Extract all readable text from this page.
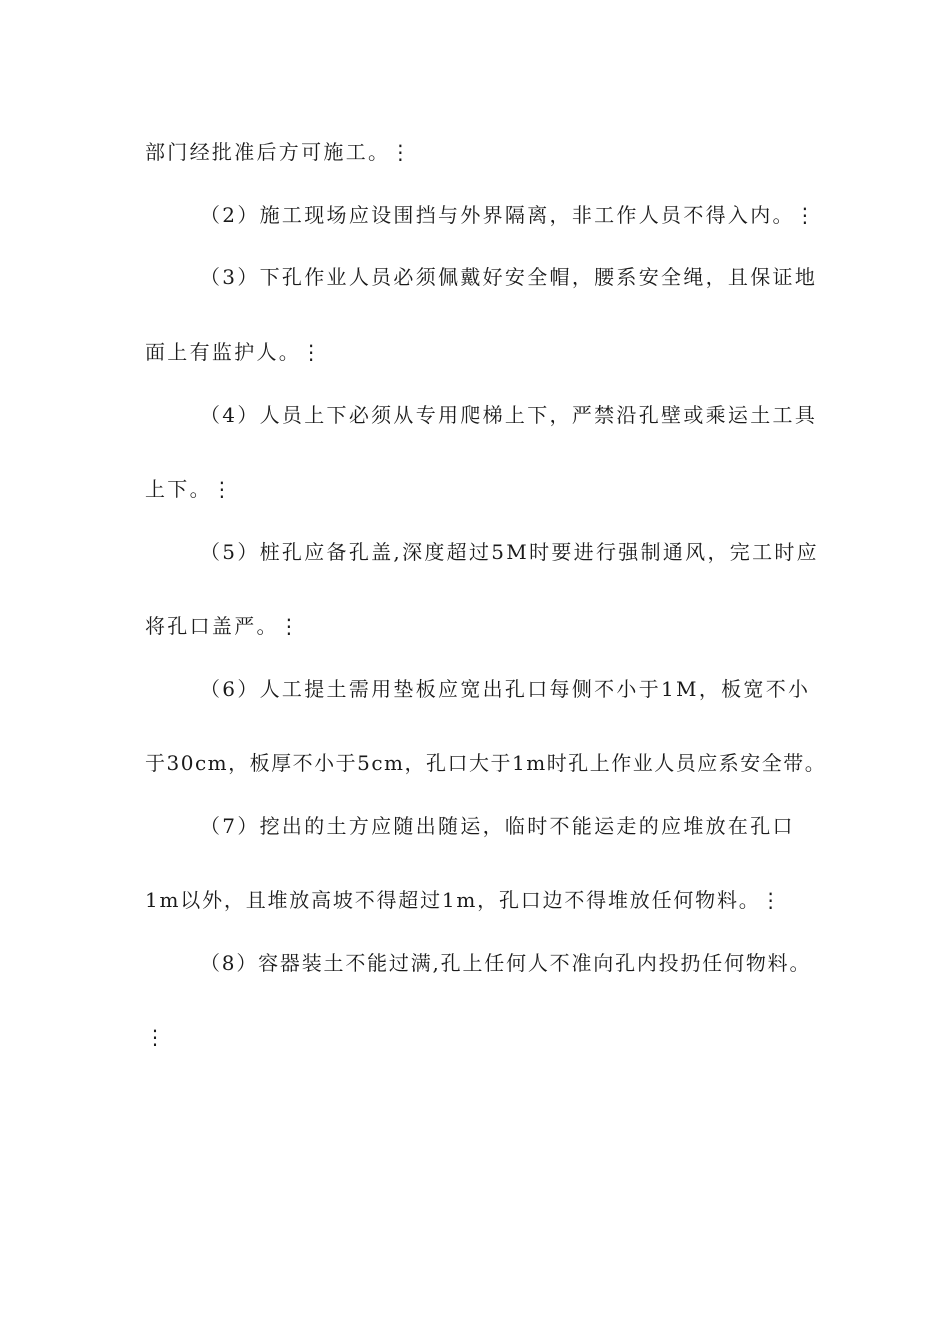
部门经批准后方可施工。⋮
（2）施工现场应设围挡与外界隔离，非工作人员不得入内。⋮
（3）下孔作业人员必须佩戴好安全帽，腰系安全绳，且保证地
面上有监护人。⋮
（4）人员上下必须从专用爬梯上下，严禁沿孔壁或乘运土工具
上下。⋮
（5）桩孔应备孔盖,深度超过5M时要进行强制通风，完工时应
将孔口盖严。⋮
（6）人工提土需用垫板应宽出孔口每侧不小于1M，板宽不小
于30cm，板厚不小于5cm，孔口大于1m时孔上作业人员应系安全带。
（7）挖出的土方应随出随运，临时不能运走的应堆放在孔口
1m以外，且堆放高坡不得超过1m，孔口边不得堆放任何物料。⋮
（8）容器装土不能过满,孔上任何人不准向孔内投扔任何物料。
⋮
